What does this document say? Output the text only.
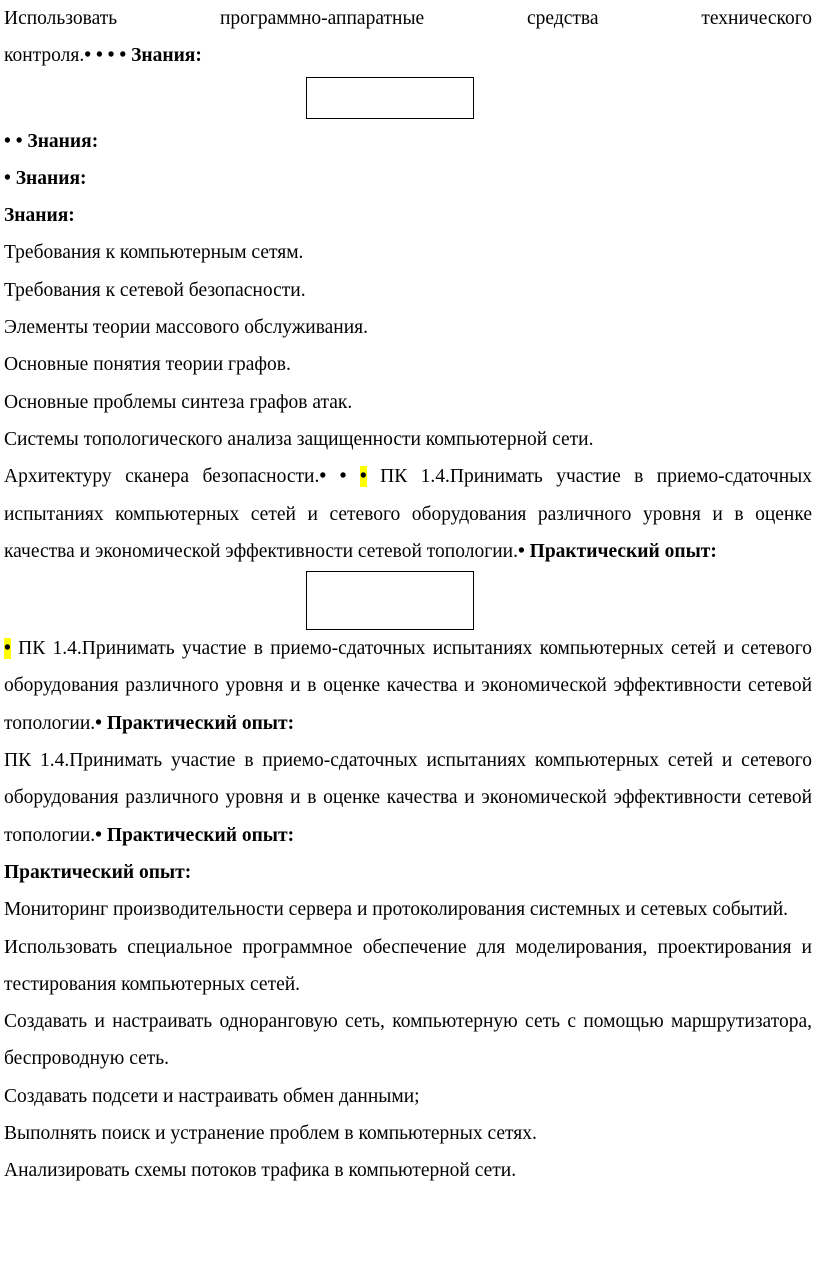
Использовать программно-аппаратные средства технического

контроля.• • • • Знания:

• • Знания:

• Знания:

Знания:

Требования к компьютерным сетям.

Требования к сетевой безопасности.

Элементы теории массового обслуживания.

Основные понятия теории графов.

Основные проблемы синтеза графов атак.

Системы топологического анализа защищенности компьютерной сети.

Архитектуру сканера безопасности.• • • ПК 1.4.Принимать участие в приемо-сдаточных испытаниях компьютерных сетей и сетевого оборудования различного уровня и в оценке качества и экономической эффективности сетевой топологии.• Практический опыт:

• ПК 1.4.Принимать участие в приемо-сдаточных испытаниях компьютерных сетей и сетевого оборудования различного уровня и в оценке качества и экономической эффективности сетевой топологии.• Практический опыт:

ПК 1.4.Принимать участие в приемо-сдаточных испытаниях компьютерных сетей и сетевого оборудования различного уровня и в оценке качества и экономической эффективности сетевой топологии.• Практический опыт:

Практический опыт:

Мониторинг производительности сервера и протоколирования системных и сетевых событий.

Использовать специальное программное обеспечение для моделирования, проектирования и тестирования компьютерных сетей.

Создавать и настраивать одноранговую сеть, компьютерную сеть с помощью маршрутизатора, беспроводную сеть.

Создавать подсети и настраивать обмен данными;

Выполнять поиск и устранение проблем в компьютерных сетях.

Анализировать схемы потоков трафика в компьютерной сети.
